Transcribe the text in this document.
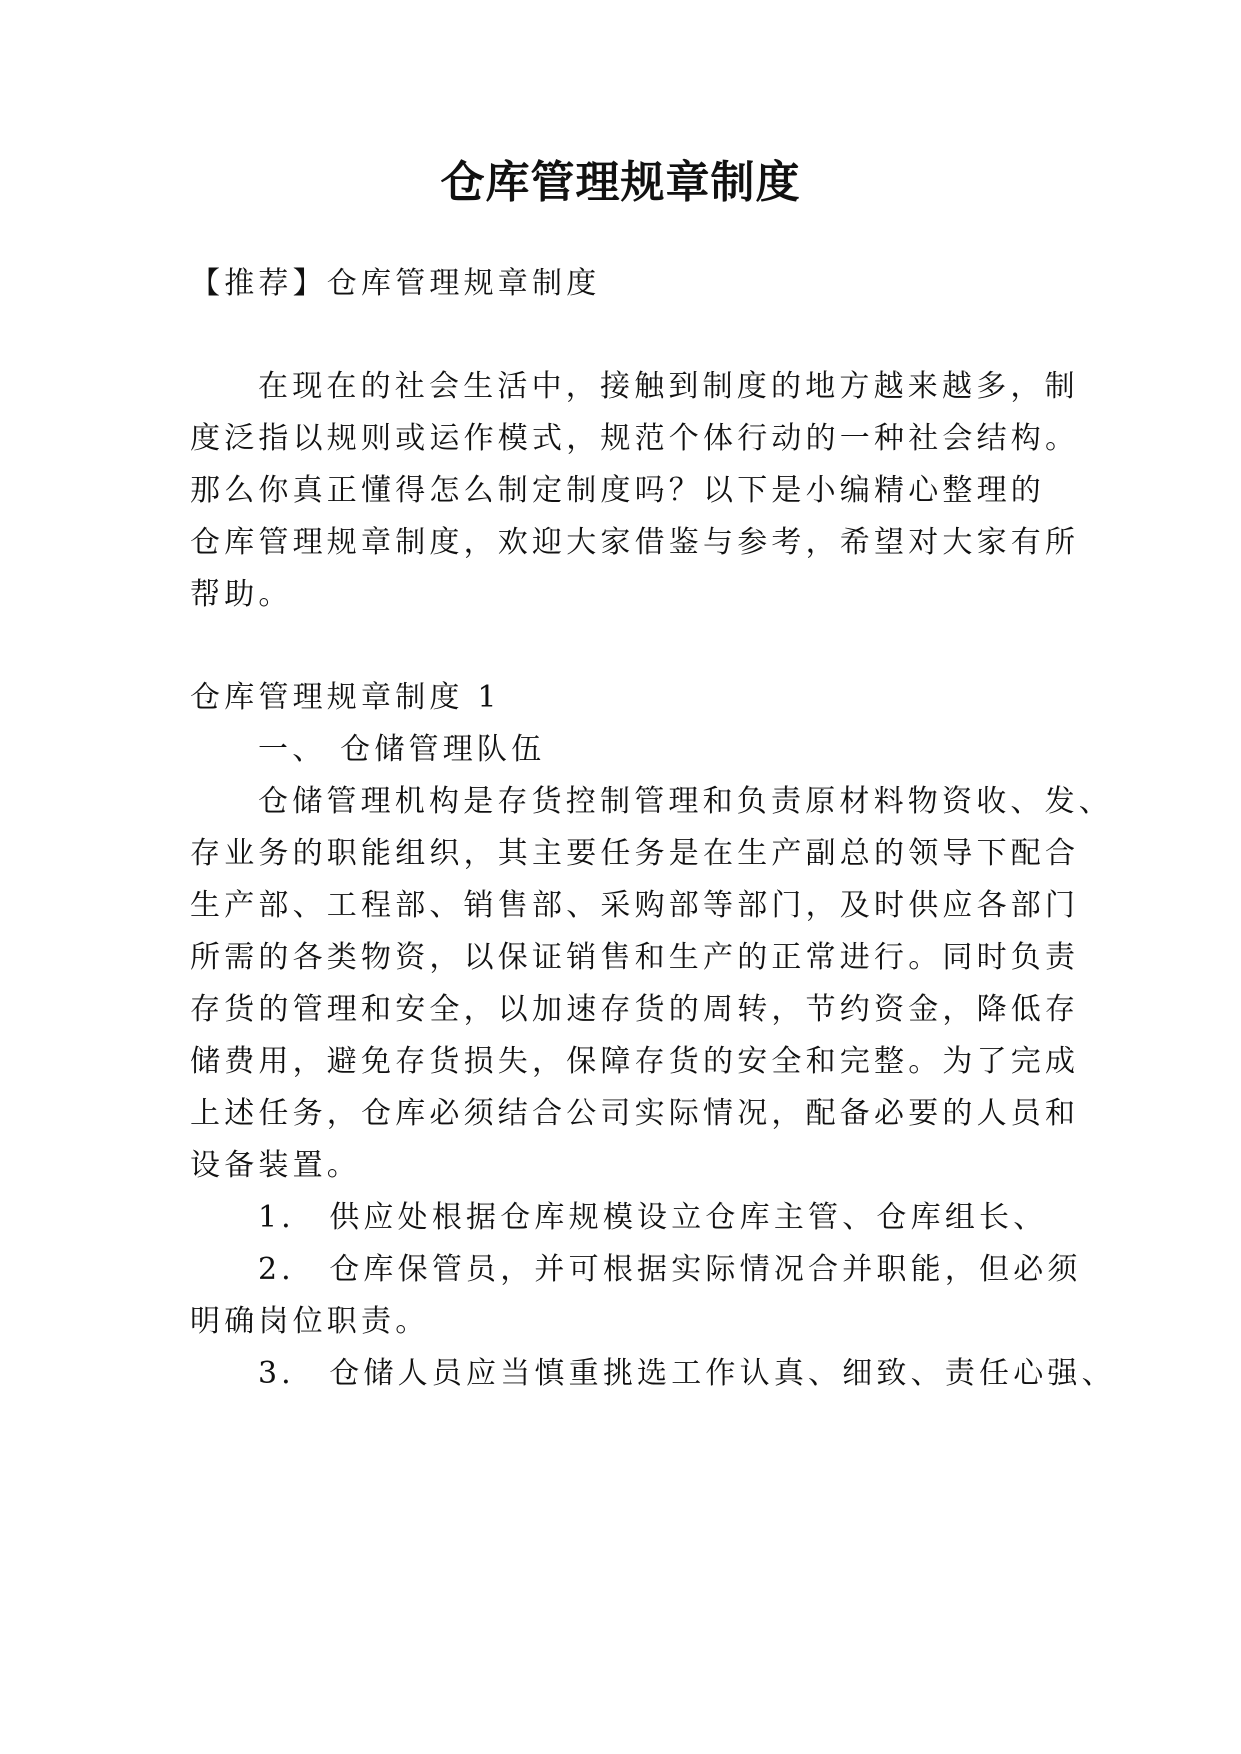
仓库管理规章制度
【推荐】仓库管理规章制度
在现在的社会生活中，接触到制度的地方越来越多，制
度泛指以规则或运作模式，规范个体行动的一种社会结构。
那么你真正懂得怎么制定制度吗？以下是小编精心整理的
仓库管理规章制度，欢迎大家借鉴与参考，希望对大家有所
帮助。
仓库管理规章制度 1
一、 仓储管理队伍
仓储管理机构是存货控制管理和负责原材料物资收、发、
存业务的职能组织，其主要任务是在生产副总的领导下配合
生产部、工程部、销售部、采购部等部门，及时供应各部门
所需的各类物资，以保证销售和生产的正常进行。同时负责
存货的管理和安全，以加速存货的周转，节约资金，降低存
储费用，避免存货损失，保障存货的安全和完整。为了完成
上述任务，仓库必须结合公司实际情况，配备必要的人员和
设备装置。
1． 供应处根据仓库规模设立仓库主管、仓库组长、
2． 仓库保管员，并可根据实际情况合并职能，但必须
明确岗位职责。
3． 仓储人员应当慎重挑选工作认真、细致、责任心强、
